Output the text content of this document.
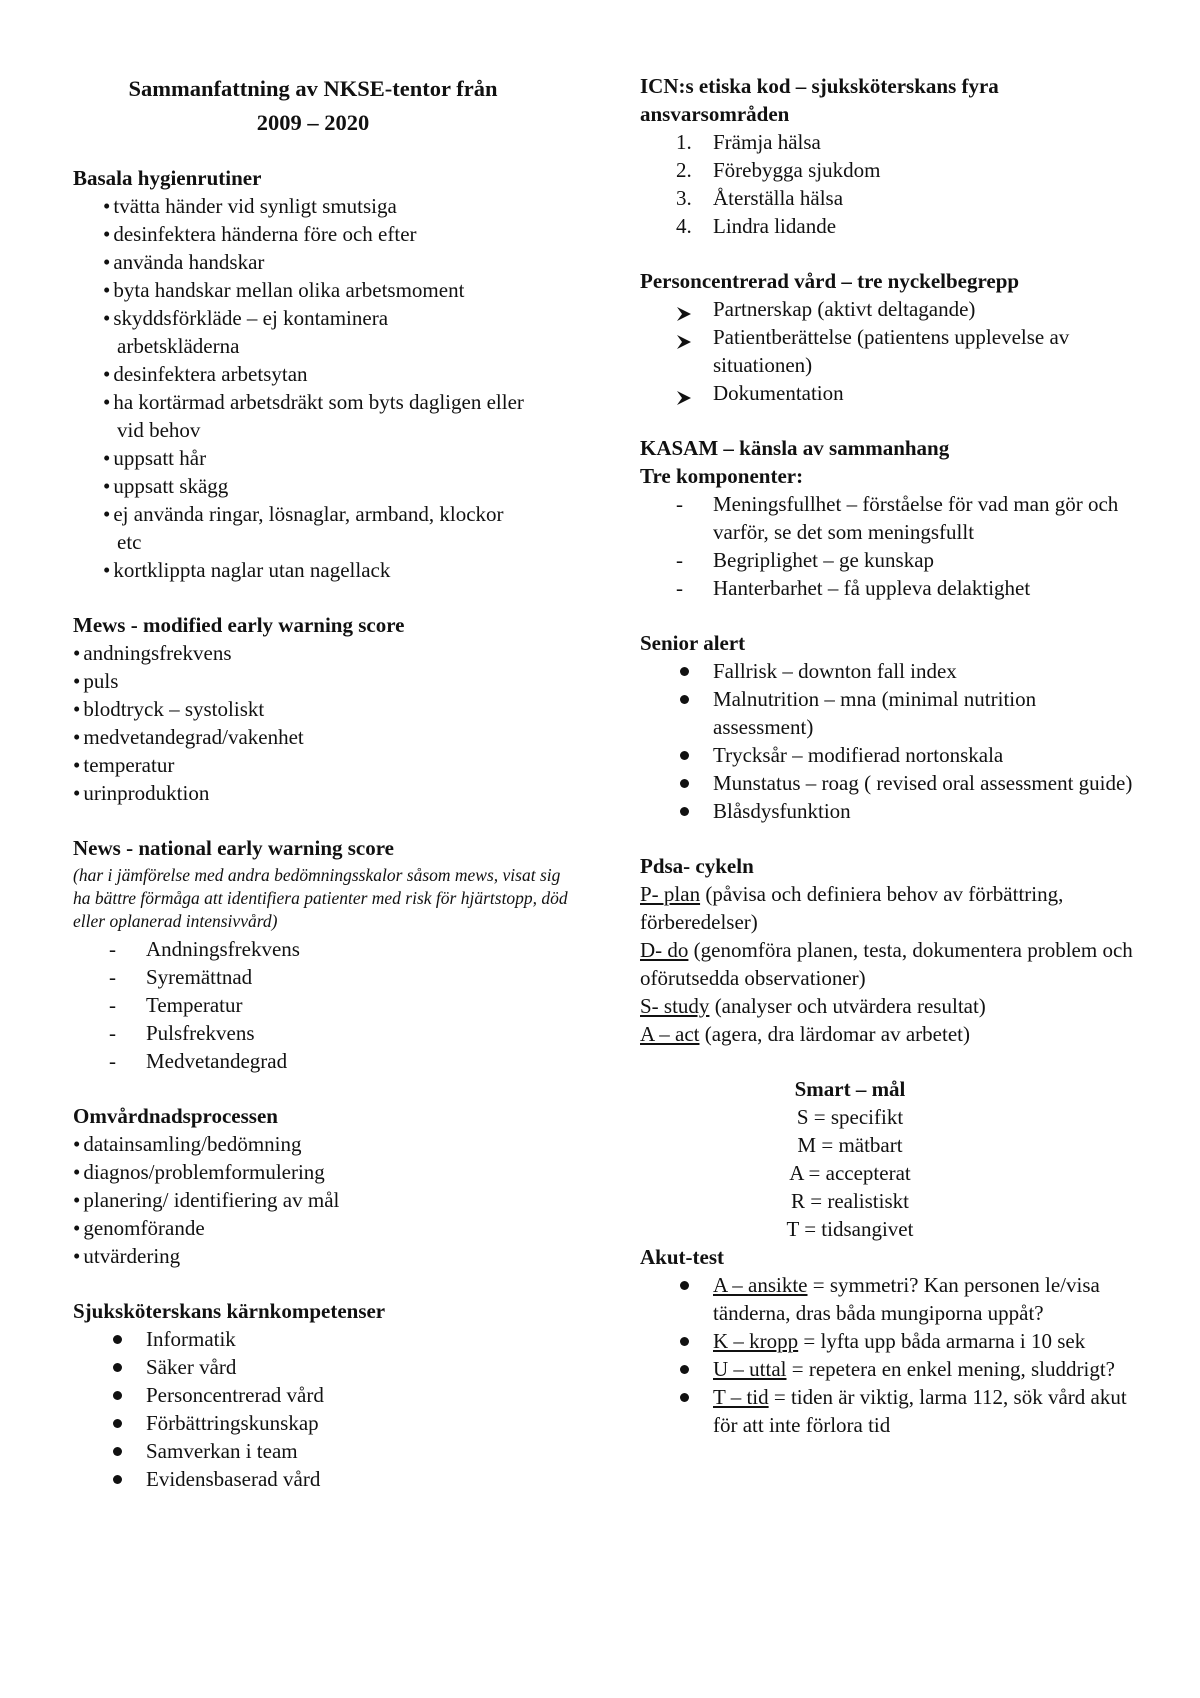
Sammanfattning av NKSE-tentor från
2009 – 2020

Basala hygienrutiner

• tvätta händer vid synligt smutsiga
• desinfektera händerna före och efter
• använda handskar
• byta handskar mellan olika arbetsmoment
• skyddsförkläde – ej kontaminera arbetskläderna
• desinfektera arbetsytan
• ha kortärmad arbetsdräkt som byts dagligen eller vid behov
• uppsatt hår
• uppsatt skägg
• ej använda ringar, lösnaglar, armband, klockor etc
• kortklippta naglar utan nagellack

Mews - modified early warning score

• andningsfrekvens
• puls
• blodtryck – systoliskt
• medvetandegrad/vakenhet
• temperatur
• urinproduktion

News - national early warning score

(har i jämförelse med andra bedömningsskalor såsom mews, visat sig ha bättre förmåga att identifiera patienter med risk för hjärtstopp, död eller oplanerad intensivvård)

- Andningsfrekvens
- Syremättnad
- Temperatur
- Pulsfrekvens
- Medvetandegrad

Omvårdnadsprocessen

• datainsamling/bedömning
• diagnos/problemformulering
• planering/ identifiering av mål
• genomförande
• utvärdering

Sjuksköterskans kärnkompetenser

Informatik
Säker vård
Personcentrerad vård
Förbättringskunskap
Samverkan i team
Evidensbaserad vård

ICN:s etiska kod – sjuksköterskans fyra ansvarsområden

1. Främja hälsa
2. Förebygga sjukdom
3. Återställa hälsa
4. Lindra lidande

Personcentrerad vård – tre nyckelbegrepp

Partnerskap (aktivt deltagande)
Patientberättelse (patientens upplevelse av situationen)
Dokumentation

KASAM – känsla av sammanhang

Tre komponenter:

- Meningsfullhet – förståelse för vad man gör och varför, se det som meningsfullt
- Begriplighet – ge kunskap
- Hanterbarhet – få uppleva delaktighet

Senior alert

Fallrisk – downton fall index
Malnutrition – mna (minimal nutrition assessment)
Trycksår – modifierad nortonskala
Munstatus – roag ( revised oral assessment guide)
Blåsdysfunktion

Pdsa- cykeln

P- plan (påvisa och definiera behov av förbättring, förberedelser)

D- do (genomföra planen, testa, dokumentera problem och oförutsedda observationer)

S- study (analyser och utvärdera resultat)

A – act (agera, dra lärdomar av arbetet)

Smart – mål

S = specifikt

M = mätbart

A = accepterat

R = realistiskt

T = tidsangivet

Akut-test

A – ansikte = symmetri? Kan personen le/visa tänderna, dras båda mungiporna uppåt?
K – kropp = lyfta upp båda armarna i 10 sek
U – uttal = repetera en enkel mening, sluddrigt?
T – tid = tiden är viktig, larma 112, sök vård akut för att inte förlora tid
